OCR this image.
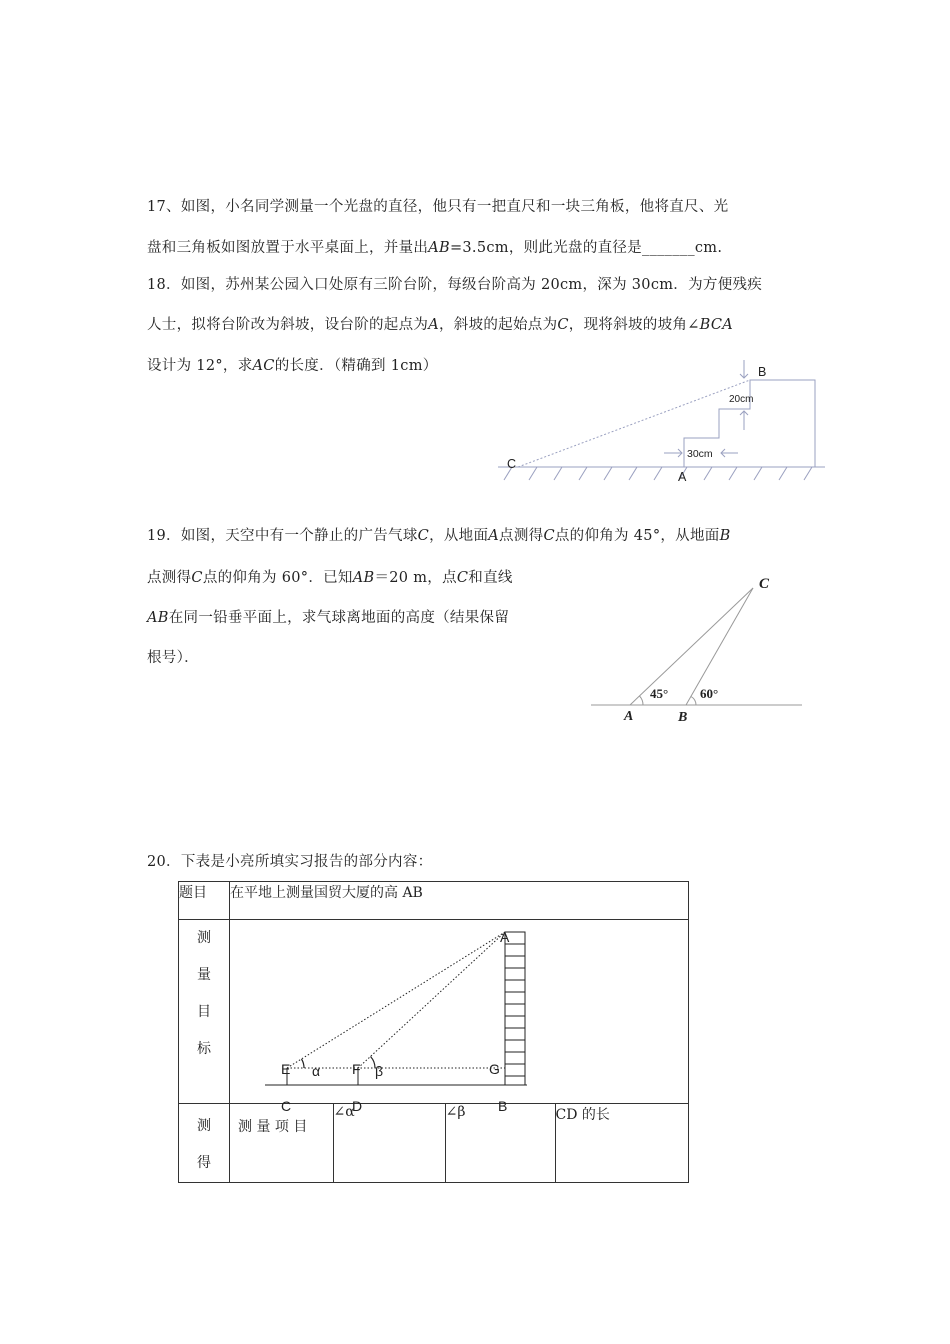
17、如图，小名同学测量一个光盘的直径，他只有一把直尺和一块三角板，他将直尺、光
盘和三角板如图放置于水平桌面上，并量出AB=3.5cm，则此光盘的直径是_______cm.
18．如图，苏州某公园入口处原有三阶台阶，每级台阶高为 20cm，深为 30cm．为方便残疾
人士，拟将台阶改为斜坡，设台阶的起点为A，斜坡的起始点为C，现将斜坡的坡角∠BCA
设计为 12°，求AC的长度．（精确到 1cm）	B
20cm
30cm
C
A
19．如图，天空中有一个静止的广告气球C，从地面A点测得C点的仰角为 45°，从地面B
点测得C点的仰角为 60°．已知AB＝20 m，点C和直线
AB在同一铅垂平面上，求气球离地面的高度（结果保留
根号）．
C
45° 60°
A	B
20．下表是小亮所填实习报告的部分内容：
题目	在平地上测量国贸大厦的高 AB			

测
量
目
标				

测
得	测 量 项 目	∠α	∠β	CD 的长
A
E α F β	G
C	D	B
